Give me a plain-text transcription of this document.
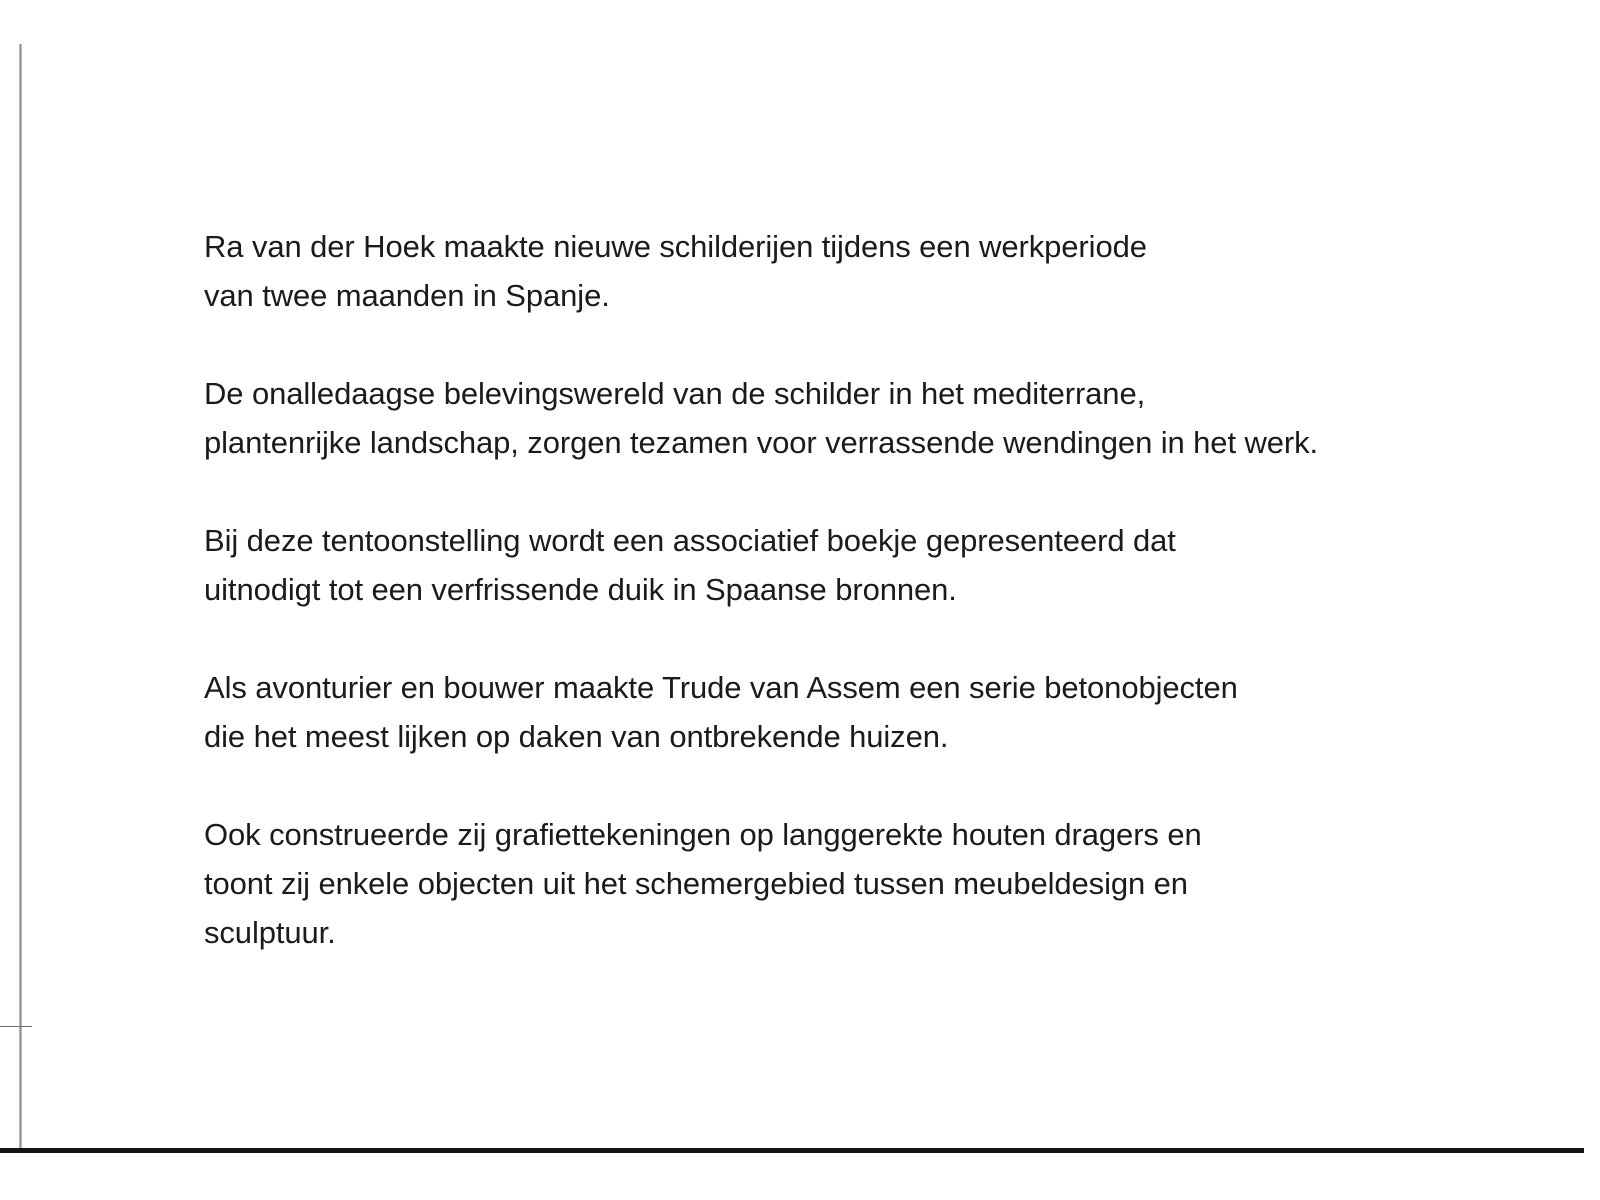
Ra van der Hoek maakte nieuwe schilderijen tijdens een werkperiode
van twee maanden in Spanje.

De onalledaagse belevingswereld van de schilder in het mediterrane,
plantenrijke landschap, zorgen tezamen voor verrassende wendingen in het werk.

Bij deze tentoonstelling wordt een associatief boekje gepresenteerd dat
uitnodigt tot een verfrissende duik in Spaanse bronnen.

Als avonturier en bouwer maakte Trude van Assem een serie betonobjecten
die het meest lijken op daken van ontbrekende huizen.

Ook construeerde zij grafiettekeningen op langgerekte houten dragers en
toont zij enkele objecten uit het schemergebied tussen meubeldesign en
sculptuur.
